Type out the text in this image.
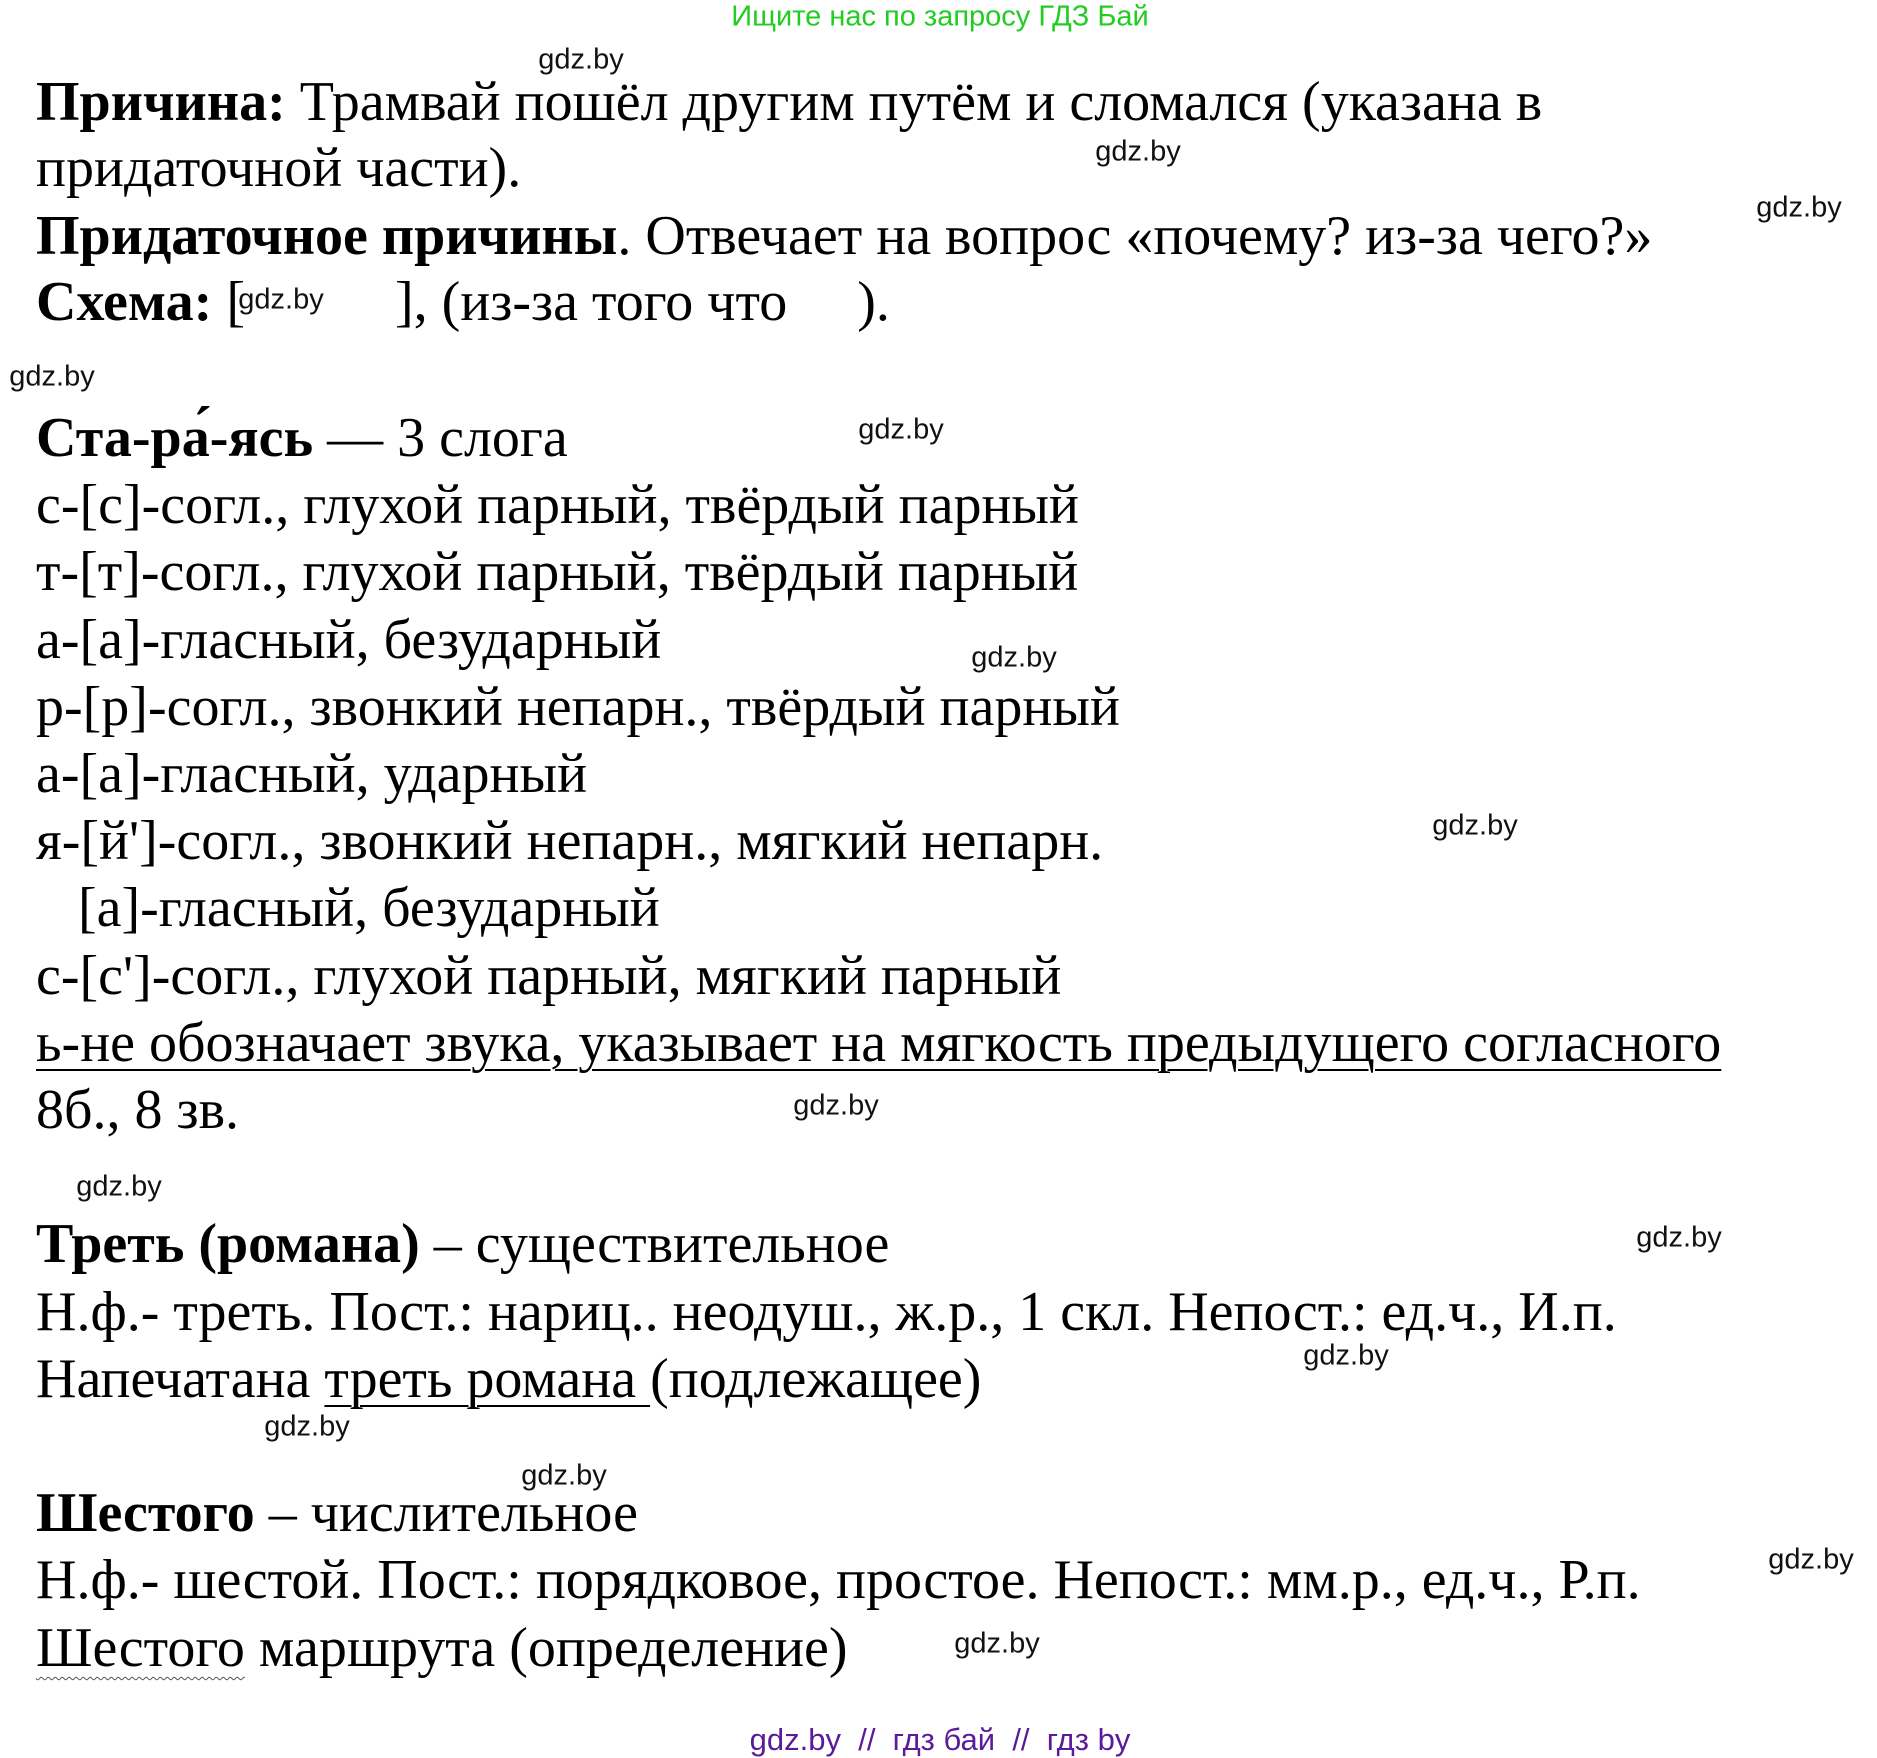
Ищите нас по запросу ГДЗ Бай
Причина: Трамвай пошёл другим путём и сломался (указана в
придаточной части).
Придаточное причины. Отвечает на вопрос «почему? из-за чего?»
Схема: [	], (из-за того что ).
Ста-ра́-ясь — 3 слога
с-[с]-согл., глухой парный, твёрдый парный
т-[т]-согл., глухой парный, твёрдый парный
а-[а]-гласный, безударный
р-[р]-согл., звонкий непарн., твёрдый парный
а-[а]-гласный, ударный
я-[й']-согл., звонкий непарн., мягкий непарн.
[а]-гласный, безударный
с-[с']-согл., глухой парный, мягкий парный
ь-не обозначает звука, указывает на мягкость предыдущего согласного
8б., 8 зв.
Треть (романа) – существительное
Н.ф.- треть. Пост.: нариц.. неодуш., ж.р., 1 скл. Непост.: ед.ч., И.п.
Напечатана треть романа (подлежащее)
Шестого – числительное
Н.ф.- шестой. Пост.: порядковое, простое. Непост.: мм.р., ед.ч., Р.п.
Шестого маршрута (определение)
gdz.by
gdz.by
gdz.by
gdz.by
gdz.by
gdz.by
gdz.by
gdz.by
gdz.by
gdz.by
gdz.by
gdz.by
gdz.by
gdz.by
gdz.by
gdz.by
gdz.by  //  гдз бай  //  гдз by
